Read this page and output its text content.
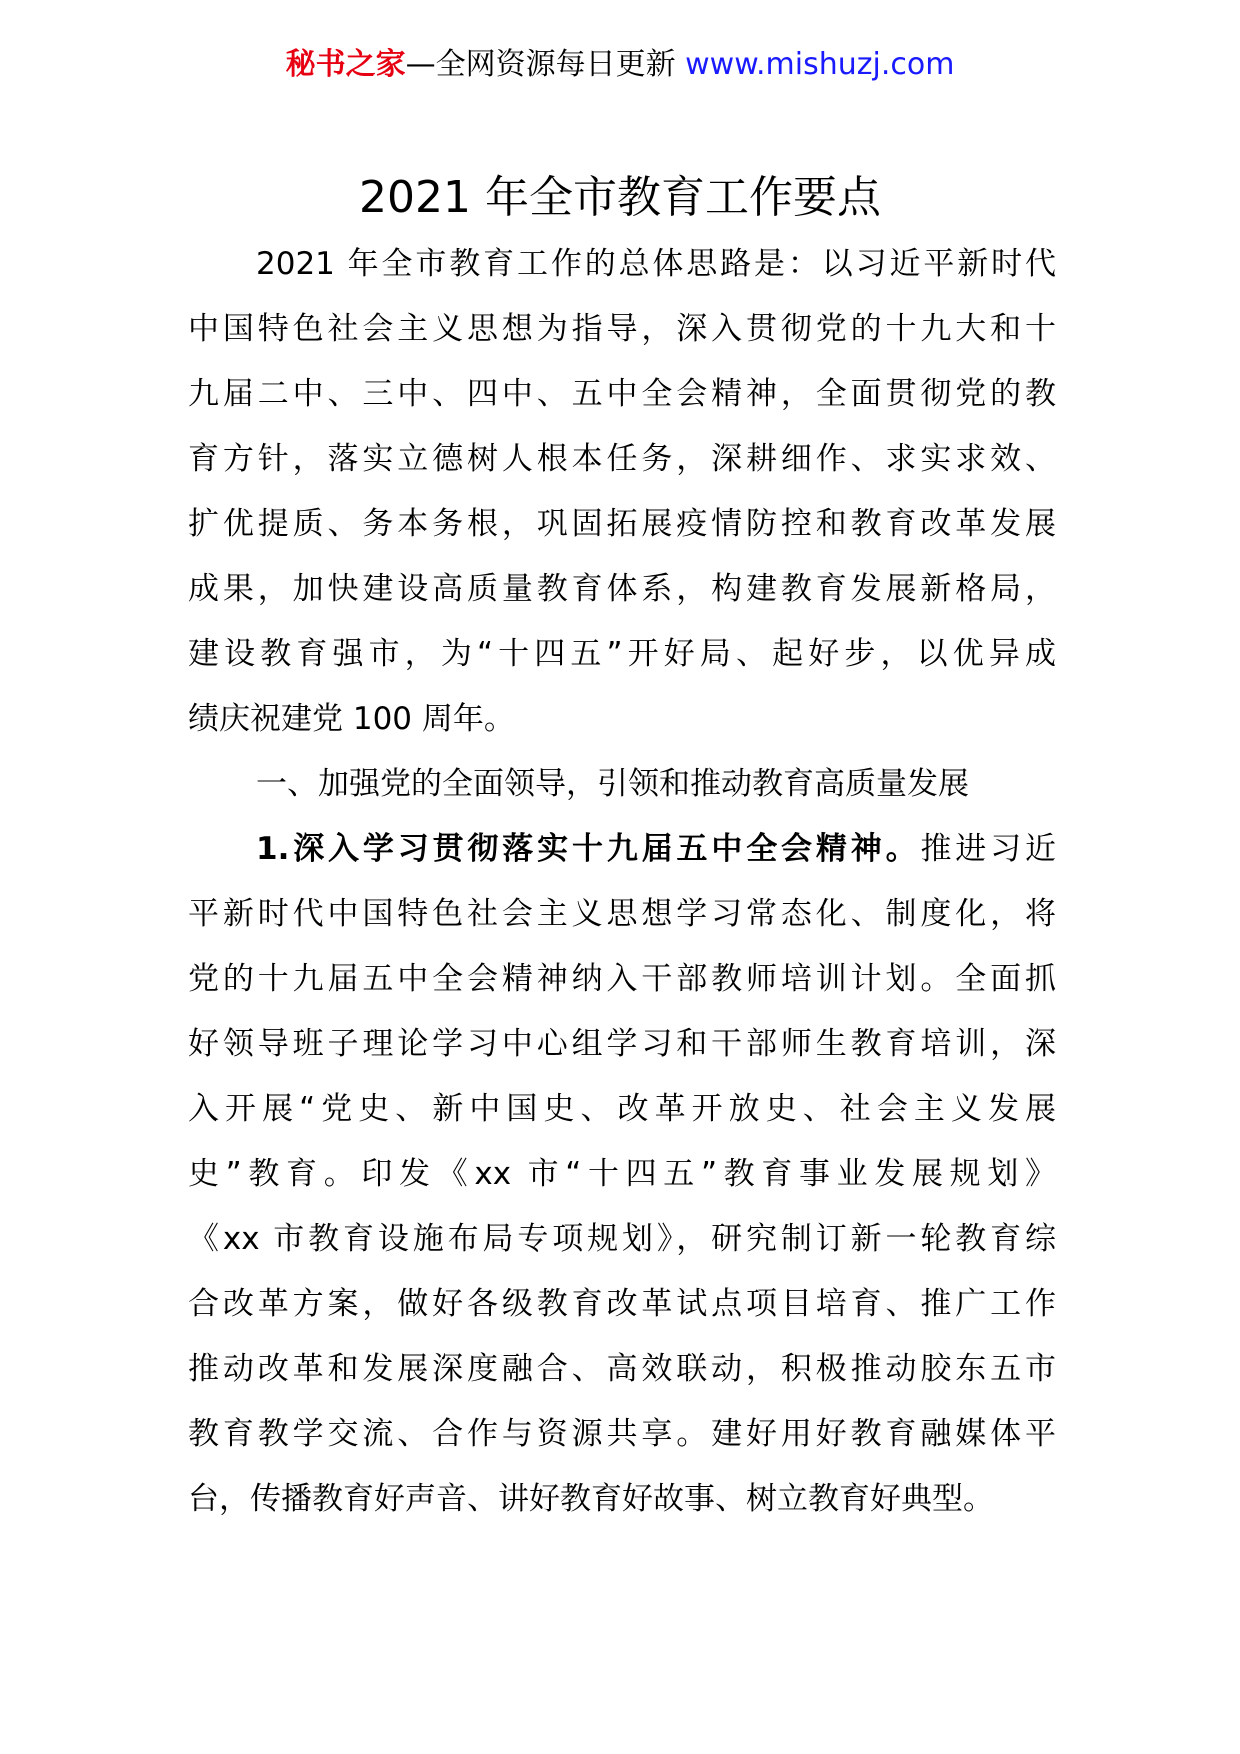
秘书之家—全网资源每日更新 www.mishuzj.com
2021 年全市教育工作要点
2021 年全市教育工作的总体思路是：以习近平新时代
中国特色社会主义思想为指导，深入贯彻党的十九大和十
九届二中、三中、四中、五中全会精神，全面贯彻党的教
育方针，落实立德树人根本任务，深耕细作、求实求效、
扩优提质、务本务根，巩固拓展疫情防控和教育改革发展
成果，加快建设高质量教育体系，构建教育发展新格局，
建设教育强市，为“十四五”开好局、起好步，以优异成
绩庆祝建党 100 周年。
一、加强党的全面领导，引领和推动教育高质量发展
1.深入学习贯彻落实十九届五中全会精神。推进习近
平新时代中国特色社会主义思想学习常态化、制度化，将
党的十九届五中全会精神纳入干部教师培训计划。全面抓
好领导班子理论学习中心组学习和干部师生教育培训，深
入开展“党史、新中国史、改革开放史、社会主义发展
史”教育。印发《xx 市“十四五”教育事业发展规划》
《xx 市教育设施布局专项规划》，研究制订新一轮教育综
合改革方案，做好各级教育改革试点项目培育、推广工作
推动改革和发展深度融合、高效联动，积极推动胶东五市
教育教学交流、合作与资源共享。建好用好教育融媒体平
台，传播教育好声音、讲好教育好故事、树立教育好典型。
